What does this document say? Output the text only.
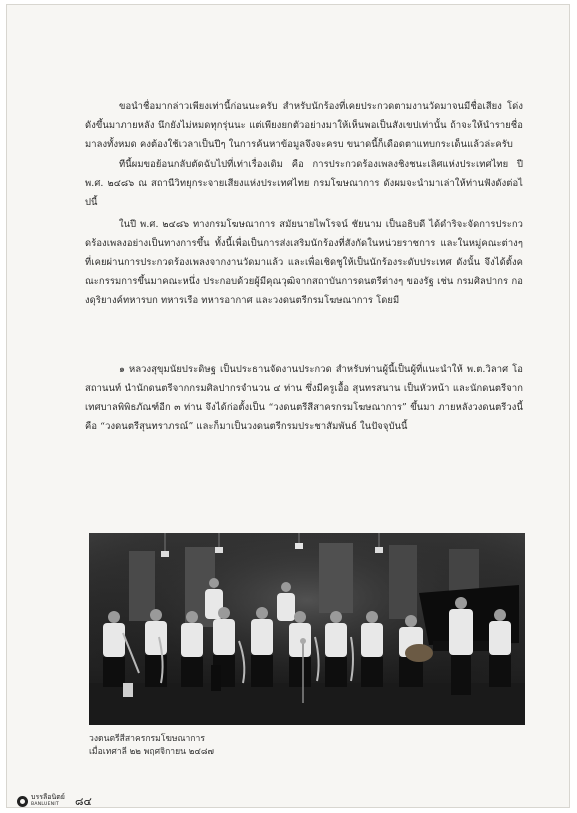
ขอนำชื่อมากล่าวเพียงเท่านี้ก่อนนะครับ สำหรับนักร้องที่เคยประกวดตามงานวัดมาจนมีชื่อเสียง โด่งดังขึ้นมาภายหลัง นึกยังไม่หมดทุกรุ่นนะ แต่เพียงยกตัวอย่างมาให้เห็นพอเป็นสังเขปเท่านั้น ถ้าจะให้นำรายชื่อมาลงทั้งหมด คงต้องใช้เวลาเป็นปีๆ ในการค้นหาข้อมูลจึงจะครบ ขนาดนี้ก็เดือดตาแทบกระเด็นแล้วล่ะครับ

ทีนี้ผมขอย้อนกลับตัดฉับไปที่เท่าเรื่องเดิม คือ การประกวดร้องเพลงชิงชนะเลิศแห่งประเทศไทย ปี พ.ศ. ๒๔๘๖ ณ สถานีวิทยุกระจายเสียงแห่งประเทศไทย กรมโฆษณาการ ดังผมจะนำมาเล่าให้ท่านฟังดังต่อไปนี้

ในปี พ.ศ. ๒๔๘๖ ทางกรมโฆษณาการ สมัยนายไพโรจน์ ชัยนาม เป็นอธิบดี ได้ดำริจะจัดการประกวดร้องเพลงอย่างเป็นทางการขึ้น ทั้งนี้เพื่อเป็นการส่งเสริมนักร้องที่สังกัดในหน่วยราชการ และในหมู่คณะต่างๆ ที่เคยผ่านการประกวดร้องเพลงจากงานวัดมาแล้ว และเพื่อเชิดชูให้เป็นนักร้องระดับประเทศ ดังนั้น จึงได้ตั้งคณะกรรมการขึ้นมาคณะหนึ่ง ประกอบด้วยผู้มีคุณวุฒิจากสถาบันการดนตรีต่างๆ ของรัฐ เช่น กรมศิลปากร กองดุริยางค์ทหารบก ทหารเรือ ทหารอากาศ และวงดนตรีกรมโฆษณาการ โดยมี

๑ หลวงสุขุมนัยประดิษฐ เป็นประธานจัดงานประกวด สำหรับท่านผู้นี้เป็นผู้ที่แนะนำให้ พ.ต.วิลาศ โอสถานนท์ นำนักดนตรีจากกรมศิลปากรจำนวน ๔ ท่าน ซึ่งมีครูเอื้อ สุนทรสนาน เป็นหัวหน้า และนักดนตรีจากเทศบาลพิพิธภัณฑ์อีก ๓ ท่าน จึงได้ก่อตั้งเป็น “วงดนตรีสีสาครกรมโฆษณาการ” ขึ้นมา ภายหลังวงดนตรีวงนี้คือ “วงดนตรีสุนทราภรณ์” และก็มาเป็นวงดนตรีกรมประชาสัมพันธ์ ในปัจจุบันนี้

วงดนตรีสีสาครกรมโฆษณาการ
เมื่อเทศาลี ๒๒ พฤศจิกายน ๒๔๘๗
บรรลือนิตย์
BANLUENIT	๘๔
